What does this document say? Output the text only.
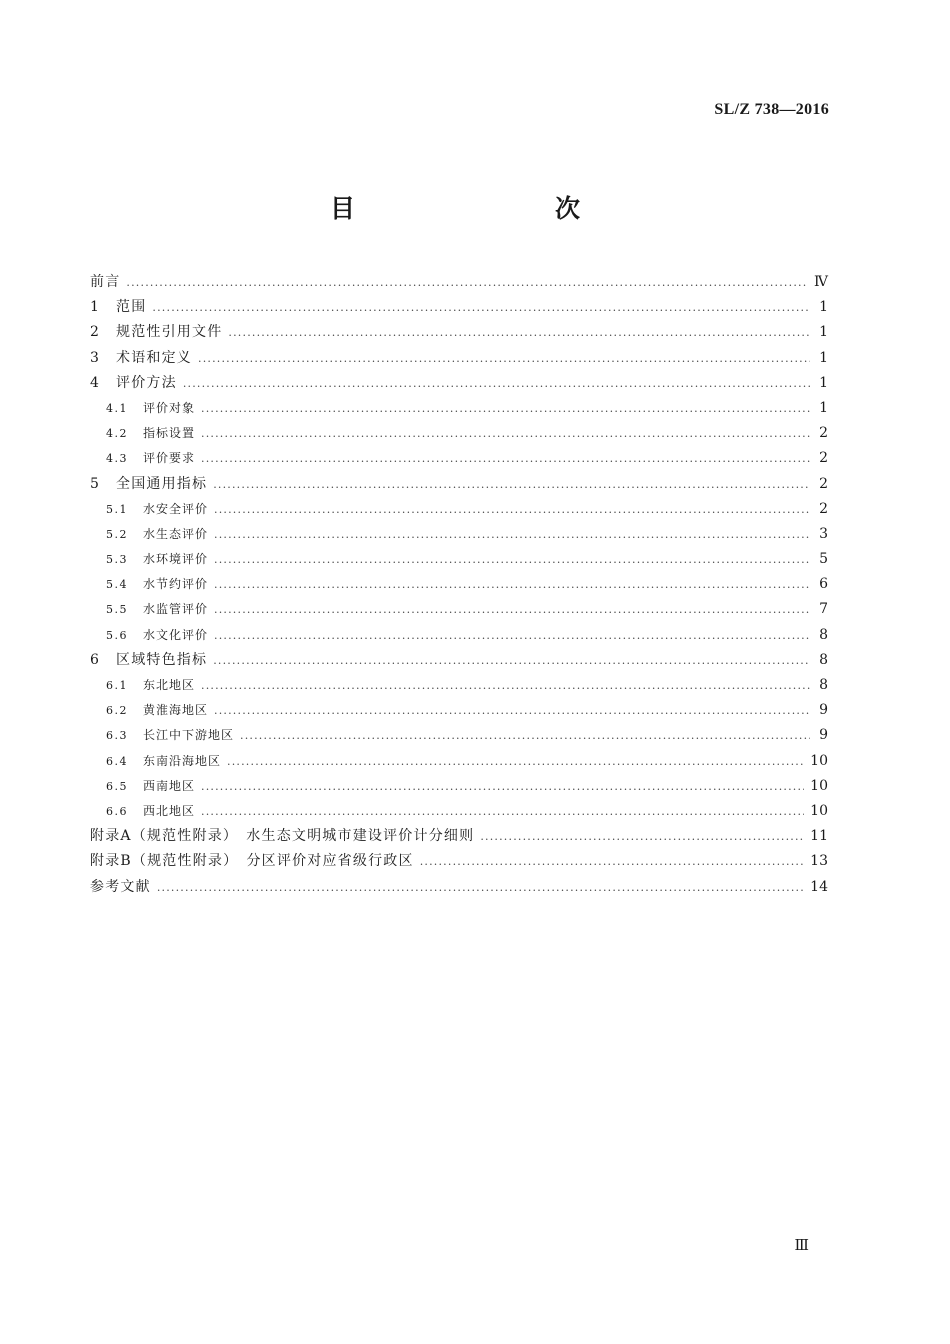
SL/Z 738—2016
目　　次
前言 .....	Ⅳ
1	范围 .....	1
2	规范性引用文件 .....	1
3	术语和定义 .....	1
4	评价方法 .....	1
4.1	评价对象 .....	1
4.2	指标设置 .....	2
4.3	评价要求 .....	2
5	全国通用指标 .....	2
5.1	水安全评价 .....	2
5.2	水生态评价 .....	3
5.3	水环境评价 .....	5
5.4	水节约评价 .....	6
5.5	水监管评价 .....	7
5.6	水文化评价 .....	8
6	区域特色指标 .....	8
6.1	东北地区 .....	8
6.2	黄淮海地区 .....	9
6.3	长江中下游地区 .....	9
6.4	东南沿海地区 .....	10
6.5	西南地区 .....	10
6.6	西北地区 .....	10
附录A（规范性附录）　水生态文明城市建设评价计分细则 .....	11
附录B（规范性附录）　分区评价对应省级行政区 .....	13
参考文献 .....	14
Ⅲ
